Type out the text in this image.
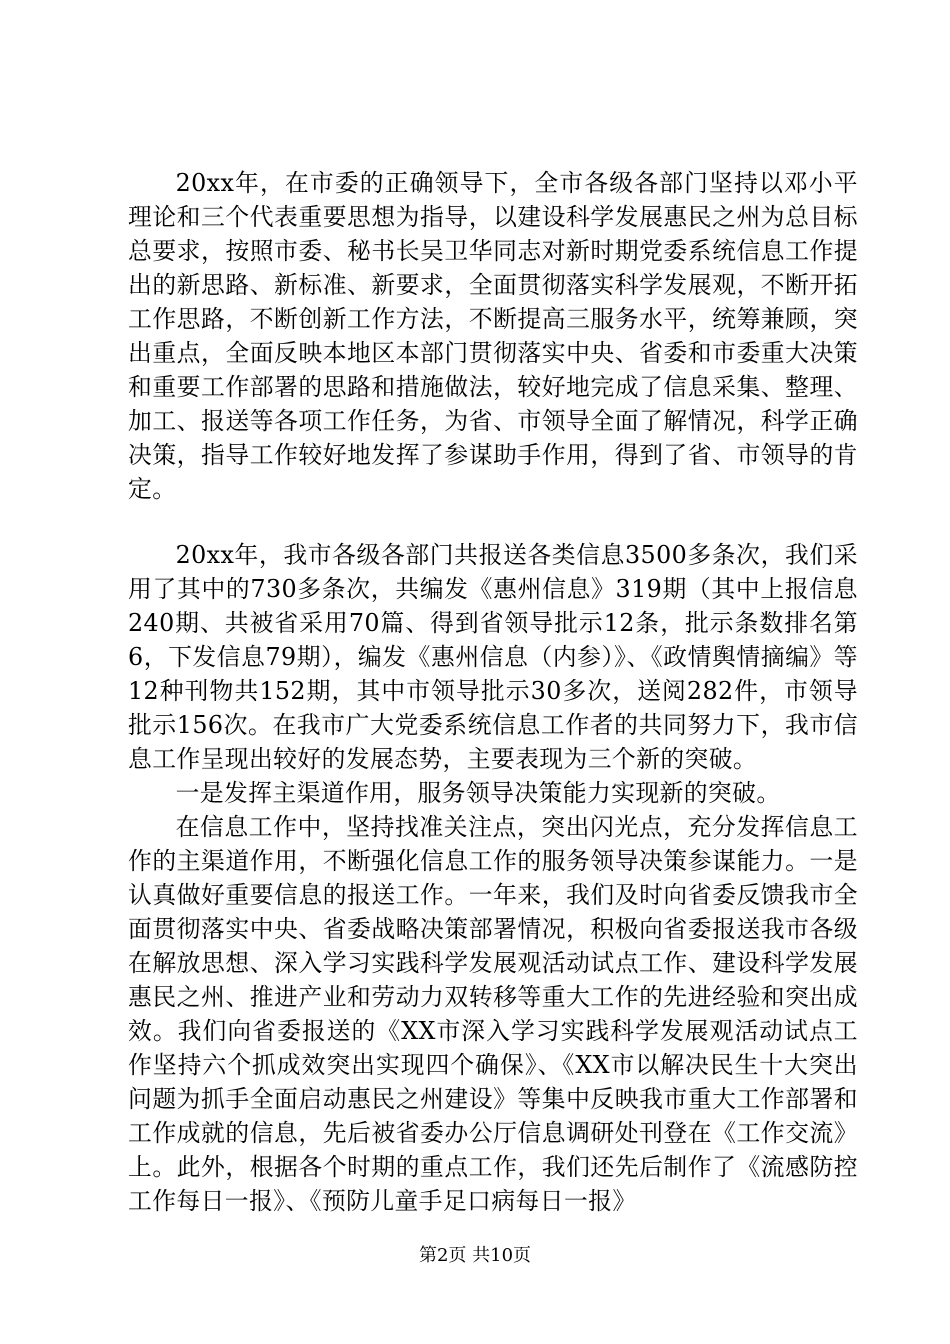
20xx年，在市委的正确领导下，全市各级各部门坚持以邓小平理论和三个代表重要思想为指导，以建设科学发展惠民之州为总目标总要求，按照市委、秘书长吴卫华同志对新时期党委系统信息工作提出的新思路、新标准、新要求，全面贯彻落实科学发展观，不断开拓工作思路，不断创新工作方法，不断提高三服务水平，统筹兼顾，突出重点，全面反映本地区本部门贯彻落实中央、省委和市委重大决策和重要工作部署的思路和措施做法，较好地完成了信息采集、整理、加工、报送等各项工作任务，为省、市领导全面了解情况，科学正确决策，指导工作较好地发挥了参谋助手作用，得到了省、市领导的肯定。

20xx年，我市各级各部门共报送各类信息3500多条次，我们采用了其中的730多条次，共编发《惠州信息》319期（其中上报信息240期、共被省采用70篇、得到省领导批示12条，批示条数排名第6，下发信息79期），编发《惠州信息（内参）》、《政情舆情摘编》等12种刊物共152期，其中市领导批示30多次，送阅282件，市领导批示156次。在我市广大党委系统信息工作者的共同努力下，我市信息工作呈现出较好的发展态势，主要表现为三个新的突破。

一是发挥主渠道作用，服务领导决策能力实现新的突破。

在信息工作中，坚持找准关注点，突出闪光点，充分发挥信息工作的主渠道作用，不断强化信息工作的服务领导决策参谋能力。一是认真做好重要信息的报送工作。一年来，我们及时向省委反馈我市全面贯彻落实中央、省委战略决策部署情况，积极向省委报送我市各级在解放思想、深入学习实践科学发展观活动试点工作、建设科学发展惠民之州、推进产业和劳动力双转移等重大工作的先进经验和突出成效。我们向省委报送的《XX市深入学习实践科学发展观活动试点工作坚持六个抓成效突出实现四个确保》、《XX市以解决民生十大突出问题为抓手全面启动惠民之州建设》等集中反映我市重大工作部署和工作成就的信息，先后被省委办公厅信息调研处刊登在《工作交流》上。此外，根据各个时期的重点工作，我们还先后制作了《流感防控工作每日一报》、《预防儿童手足口病每日一报》

第2页 共10页
